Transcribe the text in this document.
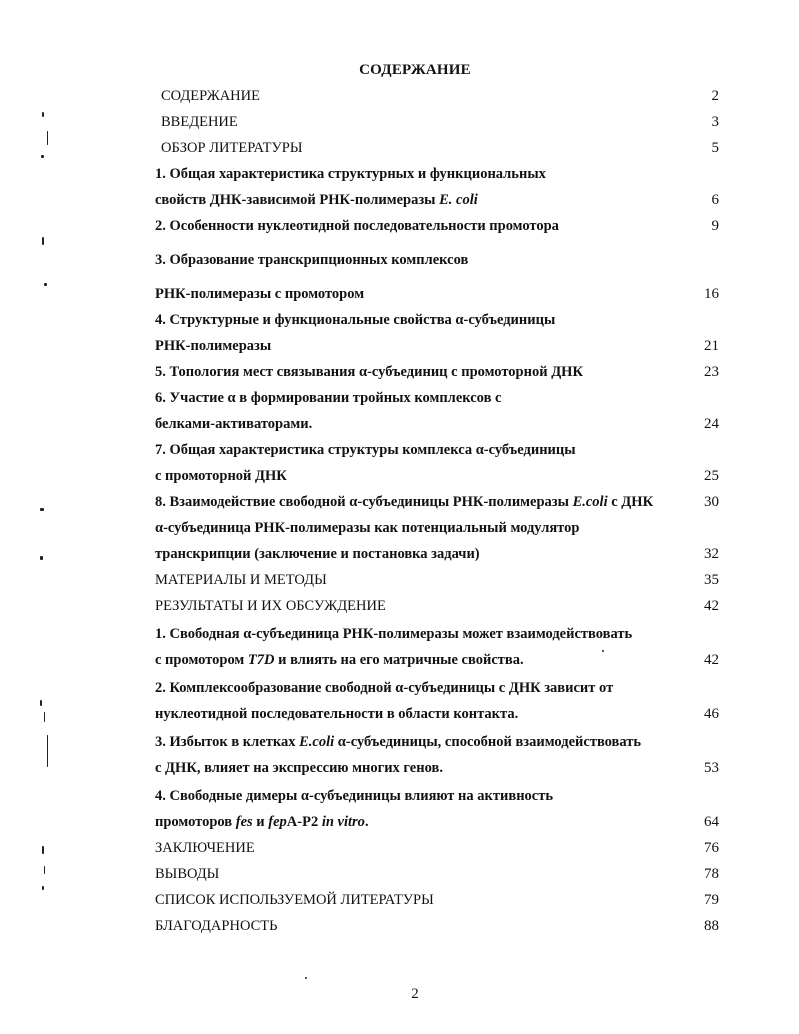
СОДЕРЖАНИЕ
СОДЕРЖАНИЕ	2
ВВЕДЕНИЕ	3
ОБЗОР ЛИТЕРАТУРЫ	5
1. Общая характеристика структурных и функциональных
свойств ДНК-зависимой РНК-полимеразы E. coli	6
2. Особенности нуклеотидной последовательности промотора	9
3. Образование транскрипционных комплексов
РНК-полимеразы с промотором	16
4. Структурные и функциональные свойства α-субъединицы
РНК-полимеразы	21
5. Топология мест связывания α-субъединиц с промоторной ДНК	23
6. Участие α в формировании тройных комплексов с
белками-активаторами.	24
7. Общая характеристика структуры комплекса α-субъединицы
с промоторной ДНК	25
8. Взаимодействие свободной α-субъединицы РНК-полимеразы E.coli с ДНК	30
α-субъединица РНК-полимеразы как потенциальный модулятор
транскрипции (заключение и постановка задачи)	32
МАТЕРИАЛЫ И МЕТОДЫ	35
РЕЗУЛЬТАТЫ И ИХ ОБСУЖДЕНИЕ	42
1. Свободная α-субъединица РНК-полимеразы может взаимодействовать
с промотором T7D и влиять на его матричные свойства.	42
2. Комплексообразование свободной α-субъединицы с ДНК зависит от
нуклеотидной последовательности в области контакта.	46
3. Избыток в клетках E.coli α-субъединицы, способной взаимодействовать
с ДНК, влияет на экспрессию многих генов.	53
4. Свободные димеры α-субъединицы влияют на активность
промоторов fes и fepA-P2 in vitro.	64
ЗАКЛЮЧЕНИЕ	76
ВЫВОДЫ	78
СПИСОК ИСПОЛЬЗУЕМОЙ ЛИТЕРАТУРЫ	79
БЛАГОДАРНОСТЬ	88
2
